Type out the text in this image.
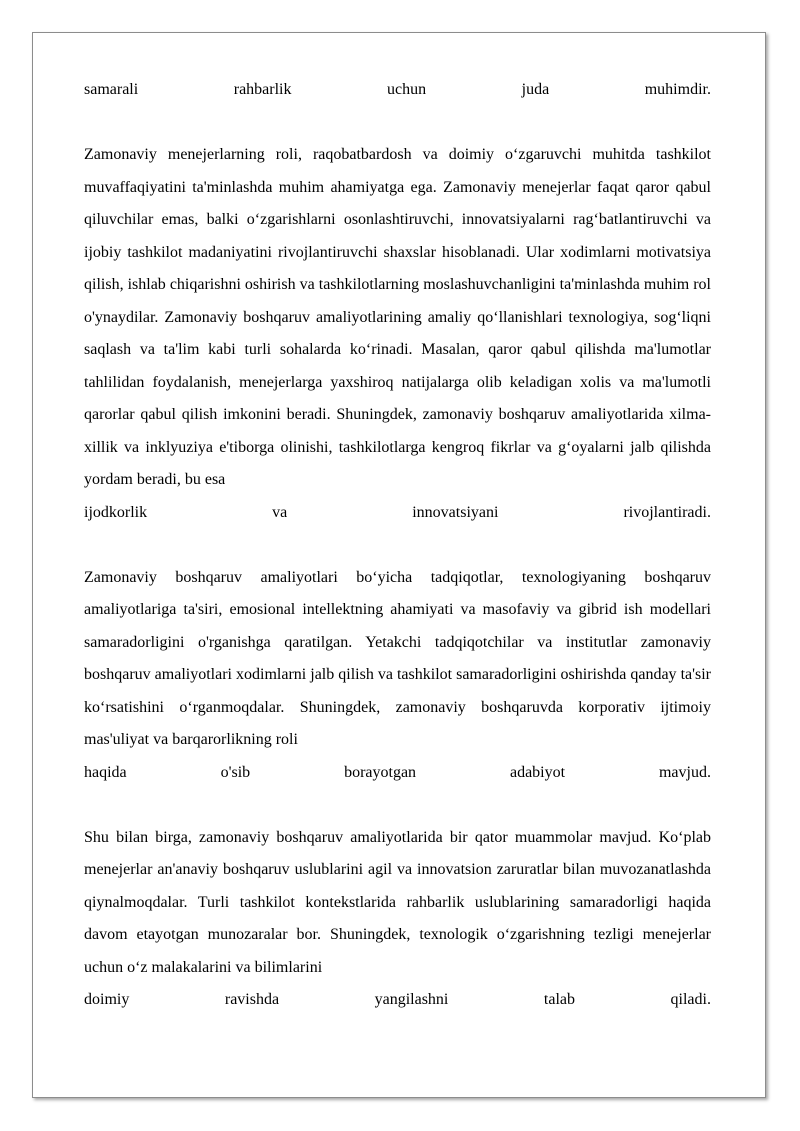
samarali	rahbarlik	uchun	juda	muhimdir.

Zamonaviy menejerlarning roli, raqobatbardosh va doimiy o‘zgaruvchi muhitda tashkilot muvaffaqiyatini ta'minlashda muhim ahamiyatga ega. Zamonaviy menejerlar faqat qaror qabul qiluvchilar emas, balki o‘zgarishlarni osonlashtiruvchi, innovatsiyalarni rag‘batlantiruvchi va ijobiy tashkilot madaniyatini rivojlantiruvchi shaxslar hisoblanadi. Ular xodimlarni motivatsiya qilish, ishlab chiqarishni oshirish va tashkilotlarning moslashuvchanligini ta'minlashda muhim rol o'ynaydilar. Zamonaviy boshqaruv amaliyotlarining amaliy qo‘llanishlari texnologiya, sog‘liqni saqlash va ta'lim kabi turli sohalarda ko‘rinadi. Masalan, qaror qabul qilishda ma'lumotlar tahlilidan foydalanish, menejerlarga yaxshiroq natijalarga olib keladigan xolis va ma'lumotli qarorlar qabul qilish imkonini beradi. Shuningdek, zamonaviy boshqaruv amaliyotlarida xilma-xillik va inklyuziya e'tiborga olinishi, tashkilotlarga kengroq fikrlar va g‘oyalarni jalb qilishda yordam beradi, bu esa

ijodkorlik	va	innovatsiyani	rivojlantiradi.

Zamonaviy boshqaruv amaliyotlari bo‘yicha tadqiqotlar, texnologiyaning boshqaruv amaliyotlariga ta'siri, emosional intellektning ahamiyati va masofaviy va gibrid ish modellari samaradorligini o'rganishga qaratilgan. Yetakchi tadqiqotchilar va institutlar zamonaviy boshqaruv amaliyotlari xodimlarni jalb qilish va tashkilot samaradorligini oshirishda qanday ta'sir ko‘rsatishini o‘rganmoqdalar. Shuningdek, zamonaviy boshqaruvda korporativ ijtimoiy mas'uliyat va barqarorlikning roli

haqida	o'sib	borayotgan	adabiyot	mavjud.

Shu bilan birga, zamonaviy boshqaruv amaliyotlarida bir qator muammolar mavjud. Ko‘plab menejerlar an'anaviy boshqaruv uslublarini agil va innovatsion zaruratlar bilan muvozanatlashda qiynalmoqdalar. Turli tashkilot kontekstlarida rahbarlik uslublarining samaradorligi haqida davom etayotgan munozaralar bor. Shuningdek, texnologik o‘zgarishning tezligi menejerlar uchun o‘z malakalarini va bilimlarini

doimiy	ravishda	yangilashni	talab	qiladi.
